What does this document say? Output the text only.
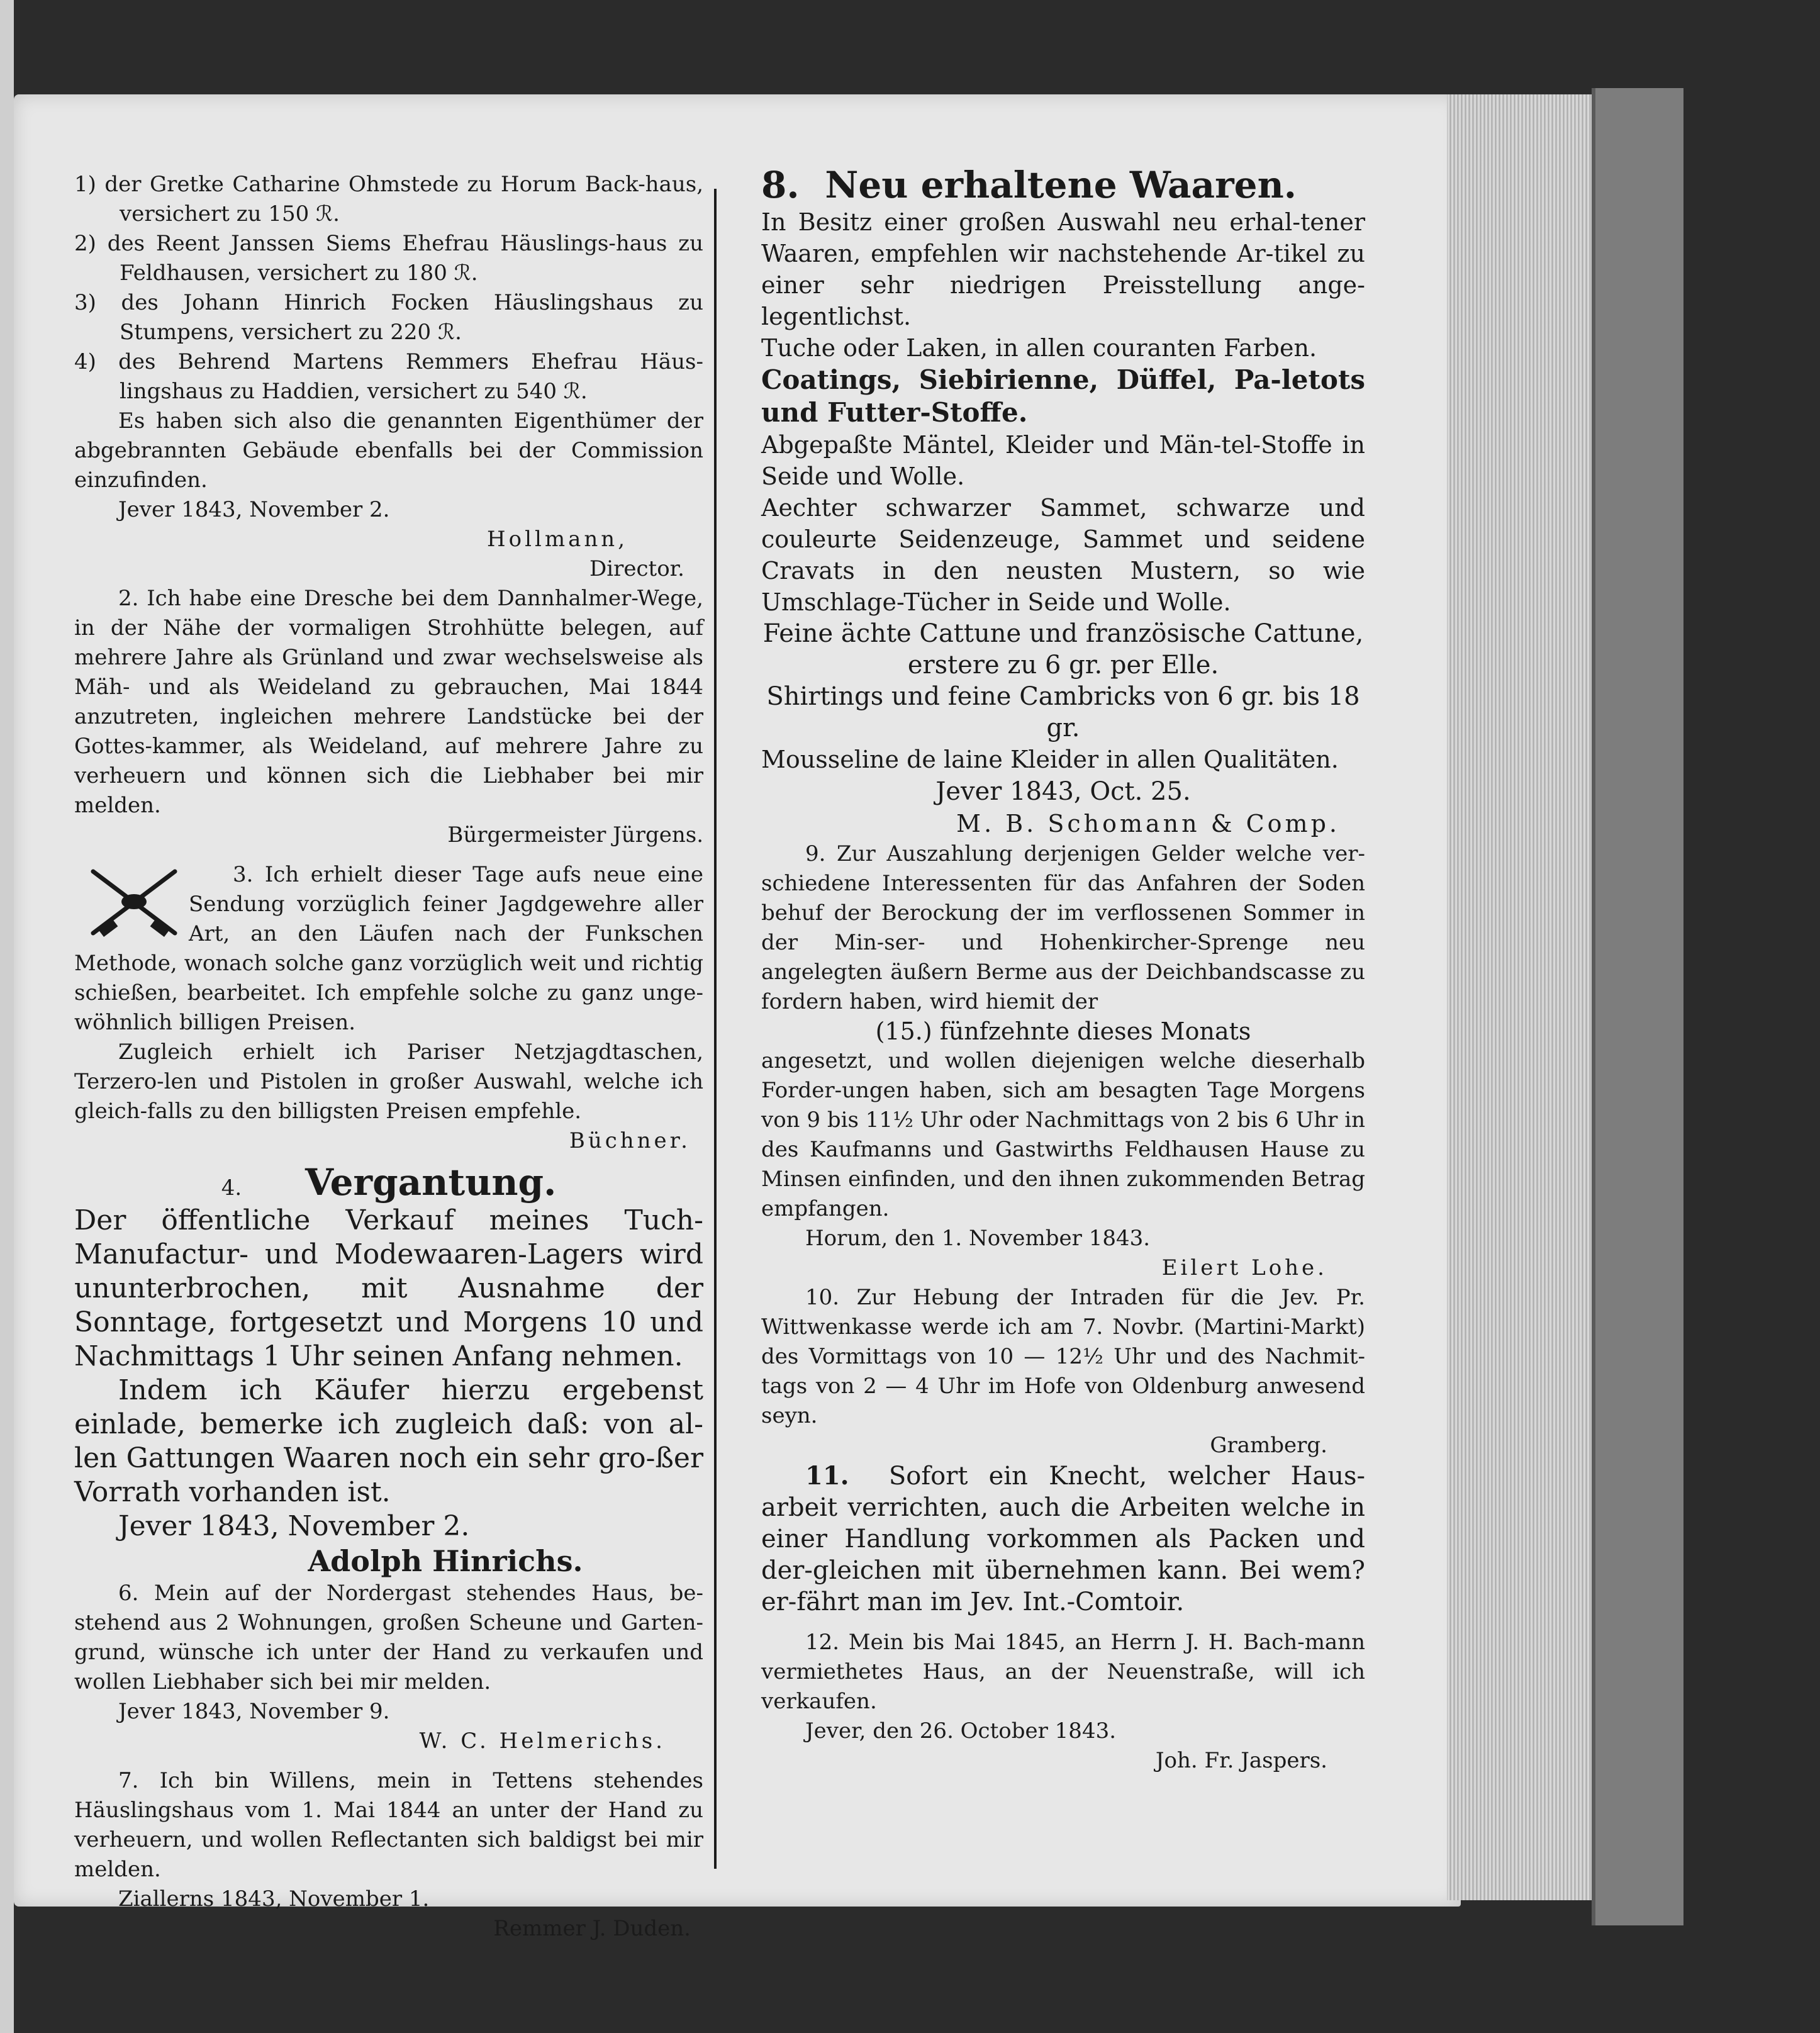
1) der Gretke Catharine Ohmstede zu Horum Back-haus, versichert zu 150 ℛ.

2) des Reent Janssen Siems Ehefrau Häuslings-haus zu Feldhausen, versichert zu 180 ℛ.

3) des Johann Hinrich Focken Häuslingshaus zu Stumpens, versichert zu 220 ℛ.

4) des Behrend Martens Remmers Ehefrau Häus-lingshaus zu Haddien, versichert zu 540 ℛ.

Es haben sich also die genannten Eigenthümer der abgebrannten Gebäude ebenfalls bei der Commission einzufinden.

Jever 1843, November 2.

Hollmann,

Director.

2. Ich habe eine Dresche bei dem Dannhalmer-Wege, in der Nähe der vormaligen Strohhütte belegen, auf mehrere Jahre als Grünland und zwar wechselsweise als Mäh- und als Weideland zu gebrauchen, Mai 1844 anzutreten, ingleichen mehrere Landstücke bei der Gottes-kammer, als Weideland, auf mehrere Jahre zu verheuern und können sich die Liebhaber bei mir melden.

Bürgermeister Jürgens.

3. Ich erhielt dieser Tage aufs neue eine Sendung vorzüglich feiner Jagdgewehre aller Art, an den Läufen nach der Funkschen Methode, wonach solche ganz vorzüglich weit und richtig schießen, bearbeitet. Ich empfehle solche zu ganz unge-wöhnlich billigen Preisen.

Zugleich erhielt ich Pariser Netzjagdtaschen, Terzero-len und Pistolen in großer Auswahl, welche ich gleich-falls zu den billigsten Preisen empfehle.

Büchner.

4. Vergantung.

Der öffentliche Verkauf meines Tuch-Manufactur- und Modewaaren-Lagers wird ununterbrochen, mit Ausnahme der Sonntage, fortgesetzt und Morgens 10 und Nachmittags 1 Uhr seinen Anfang nehmen.

Indem ich Käufer hierzu ergebenst einlade, bemerke ich zugleich daß: von al-len Gattungen Waaren noch ein sehr gro-ßer Vorrath vorhanden ist.

Jever 1843, November 2.

Adolph Hinrichs.

6. Mein auf der Nordergast stehendes Haus, be-stehend aus 2 Wohnungen, großen Scheune und Garten-grund, wünsche ich unter der Hand zu verkaufen und wollen Liebhaber sich bei mir melden.

Jever 1843, November 9.

W. C. Helmerichs.

7. Ich bin Willens, mein in Tettens stehendes Häuslingshaus vom 1. Mai 1844 an unter der Hand zu verheuern, und wollen Reflectanten sich baldigst bei mir melden.

Ziallerns 1843, November 1.

Remmer J. Duden.

8. Neu erhaltene Waaren.

In Besitz einer großen Auswahl neu erhal-tener Waaren, empfehlen wir nachstehende Ar-tikel zu einer sehr niedrigen Preisstellung ange-legentlichst.

Tuche oder Laken, in allen couranten Farben.

Coatings, Siebirienne, Düffel, Pa-letots und Futter-Stoffe.

Abgepaßte Mäntel, Kleider und Män-tel-Stoffe in Seide und Wolle.

Aechter schwarzer Sammet, schwarze und couleurte Seidenzeuge, Sammet und seidene Cravats in den neusten Mustern, so wie Umschlage-Tücher in Seide und Wolle.

Feine ächte Cattune und französische Cattune, erstere zu 6 gr. per Elle.

Shirtings und feine Cambricks von 6 gr. bis 18 gr.

Mousseline de laine Kleider in allen Qualitäten.

Jever 1843, Oct. 25.

M. B. Schomann & Comp.

9. Zur Auszahlung derjenigen Gelder welche ver-schiedene Interessenten für das Anfahren der Soden behuf der Berockung der im verflossenen Sommer in der Min-ser- und Hohenkircher-Sprenge neu angelegten äußern Berme aus der Deichbandscasse zu fordern haben, wird hiemit der

(15.) fünfzehnte dieses Monats

angesetzt, und wollen diejenigen welche dieserhalb Forder-ungen haben, sich am besagten Tage Morgens von 9 bis 11½ Uhr oder Nachmittags von 2 bis 6 Uhr in des Kaufmanns und Gastwirths Feldhausen Hause zu Minsen einfinden, und den ihnen zukommenden Betrag empfangen.

Horum, den 1. November 1843.

Eilert Lohe.

10. Zur Hebung der Intraden für die Jev. Pr. Wittwenkasse werde ich am 7. Novbr. (Martini-Markt) des Vormittags von 10 — 12½ Uhr und des Nachmit-tags von 2 — 4 Uhr im Hofe von Oldenburg anwesend seyn.

Gramberg.

11. Sofort ein Knecht, welcher Haus-arbeit verrichten, auch die Arbeiten welche in einer Handlung vorkommen als Packen und der-gleichen mit übernehmen kann. Bei wem? er-fährt man im Jev. Int.-Comtoir.

12. Mein bis Mai 1845, an Herrn J. H. Bach-mann vermiethetes Haus, an der Neuenstraße, will ich verkaufen.

Jever, den 26. October 1843.

Joh. Fr. Jaspers.
